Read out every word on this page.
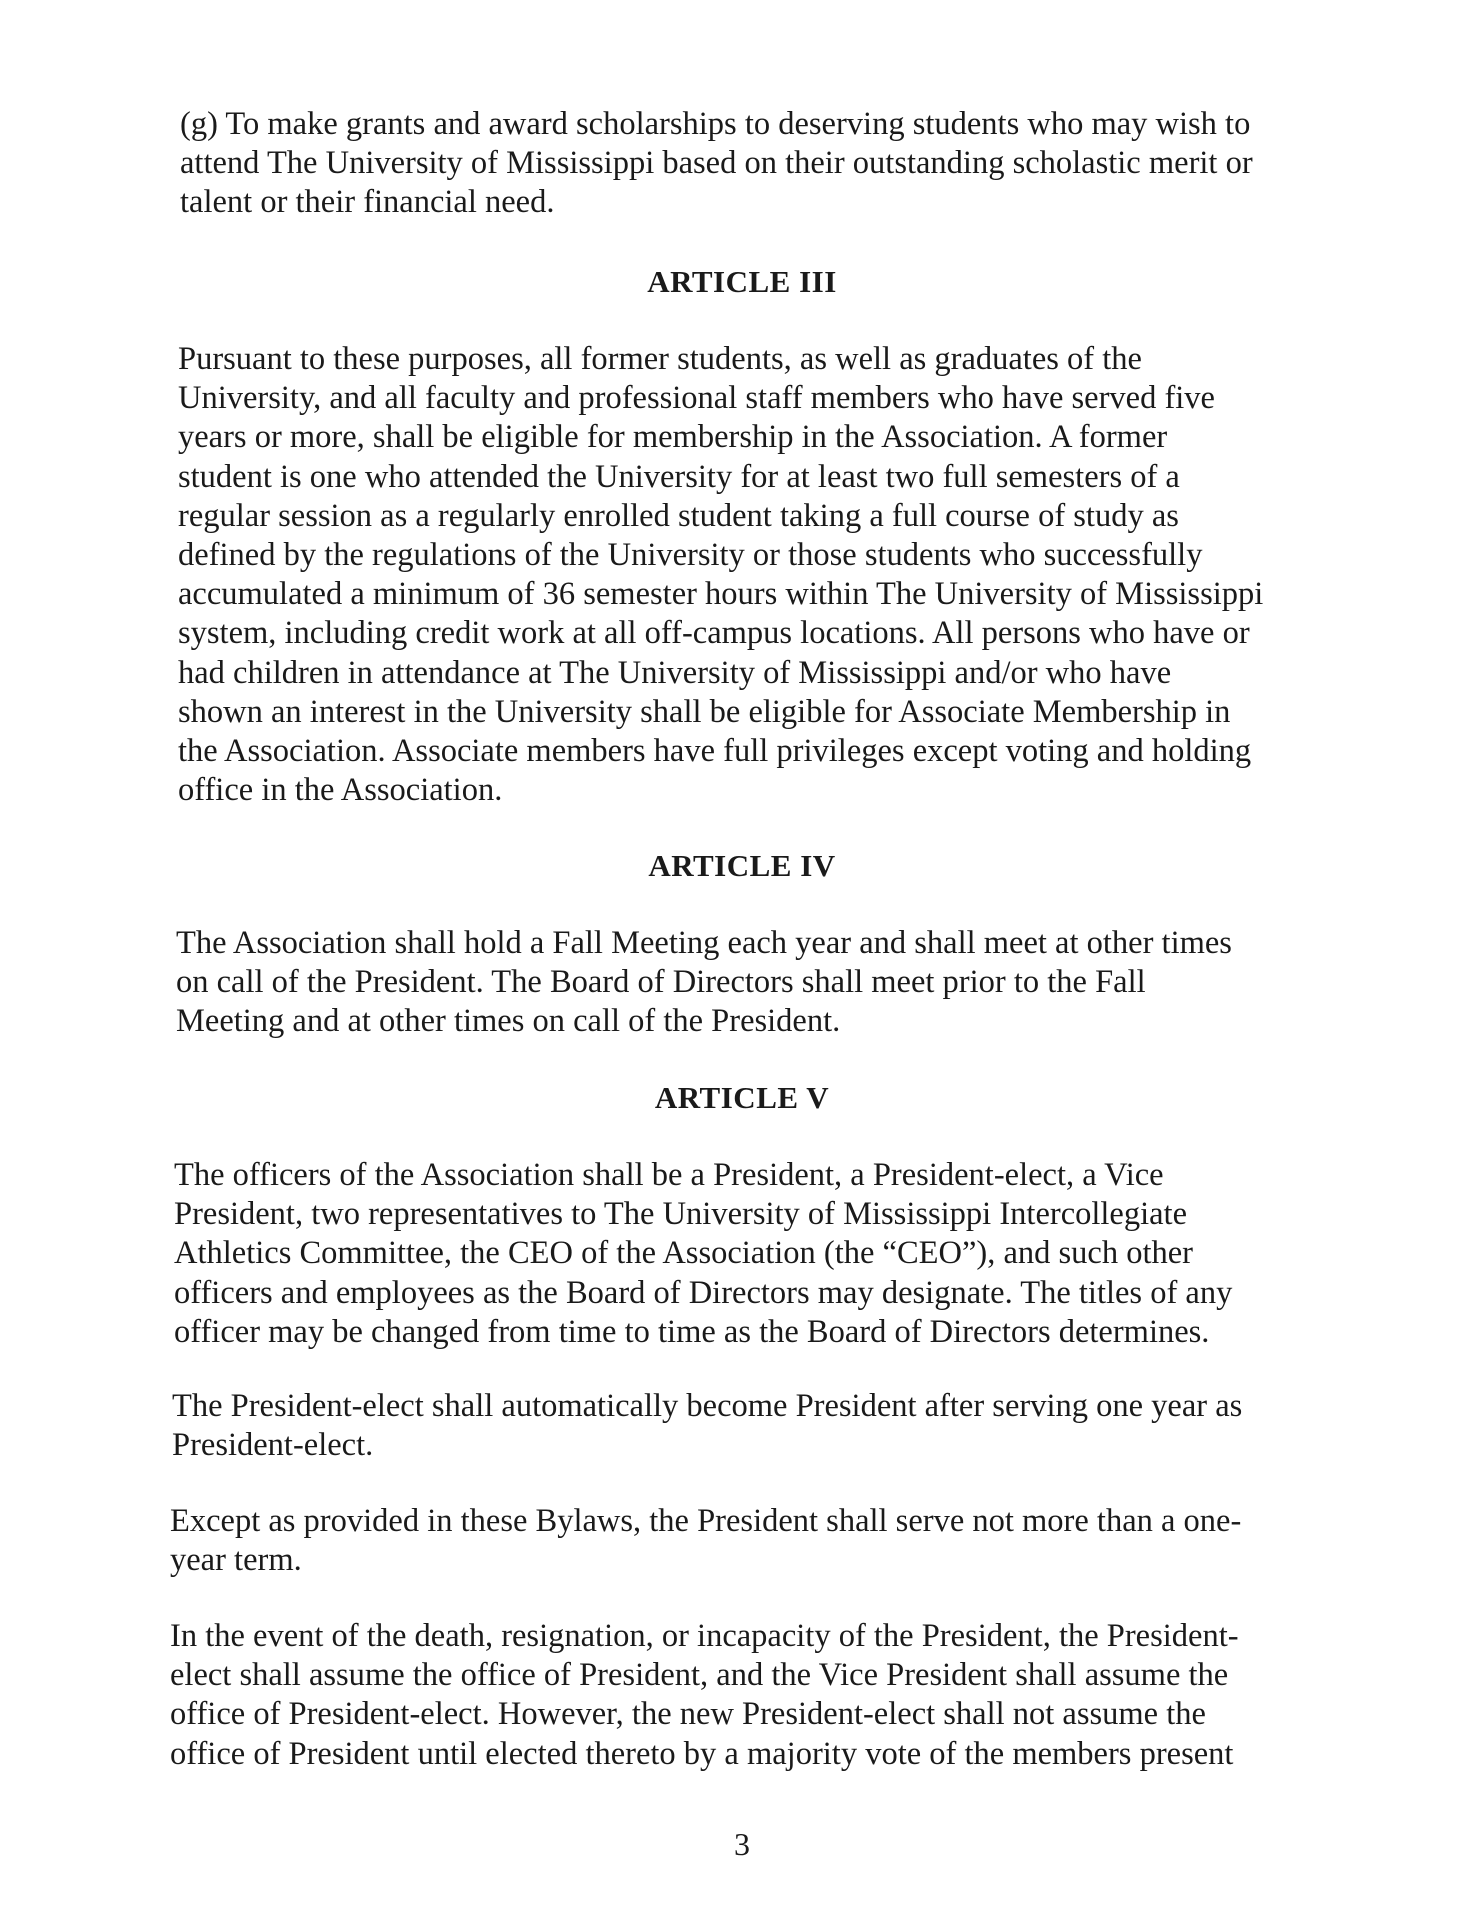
(g) To make grants and award scholarships to deserving students who may wish to
attend The University of Mississippi based on their outstanding scholastic merit or
talent or their financial need.

ARTICLE III

Pursuant to these purposes, all former students, as well as graduates of the
University, and all faculty and professional staff members who have served five
years or more, shall be eligible for membership in the Association. A former
student is one who attended the University for at least two full semesters of a
regular session as a regularly enrolled student taking a full course of study as
defined by the regulations of the University or those students who successfully
accumulated a minimum of 36 semester hours within The University of Mississippi
system, including credit work at all off-campus locations. All persons who have or
had children in attendance at The University of Mississippi and/or who have
shown an interest in the University shall be eligible for Associate Membership in
the Association. Associate members have full privileges except voting and holding
office in the Association.

ARTICLE IV

The Association shall hold a Fall Meeting each year and shall meet at other times
on call of the President. The Board of Directors shall meet prior to the Fall
Meeting and at other times on call of the President.

ARTICLE V

The officers of the Association shall be a President, a President-elect, a Vice
President, two representatives to The University of Mississippi Intercollegiate
Athletics Committee, the CEO of the Association (the “CEO”), and such other
officers and employees as the Board of Directors may designate. The titles of any
officer may be changed from time to time as the Board of Directors determines.

The President-elect shall automatically become President after serving one year as
President-elect.

Except as provided in these Bylaws, the President shall serve not more than a one-
year term.

In the event of the death, resignation, or incapacity of the President, the President-
elect shall assume the office of President, and the Vice President shall assume the
office of President-elect. However, the new President-elect shall not assume the
office of President until elected thereto by a majority vote of the members present

3
